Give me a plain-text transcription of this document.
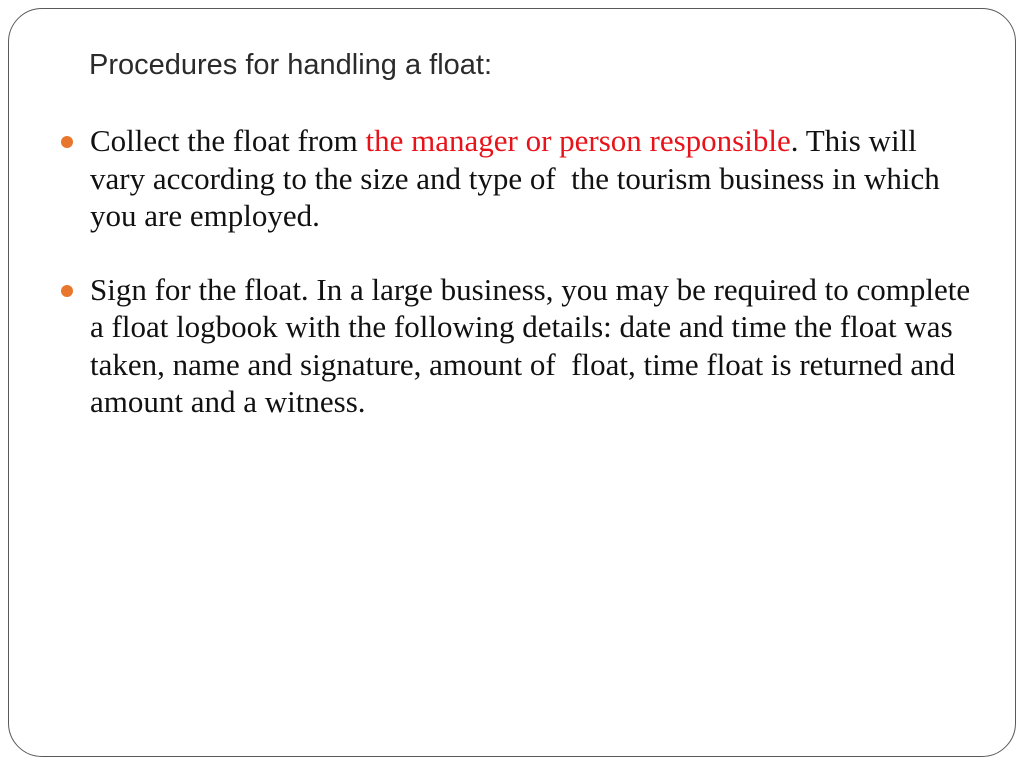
Procedures for handling a float:
Collect the float from the manager or person responsible. This will vary according to the size and type of  the tourism business in which you are employed.
Sign for the float. In a large business, you may be required to complete a float logbook with the following details: date and time the float was taken, name and signature, amount of  float, time float is returned and amount and a witness.
